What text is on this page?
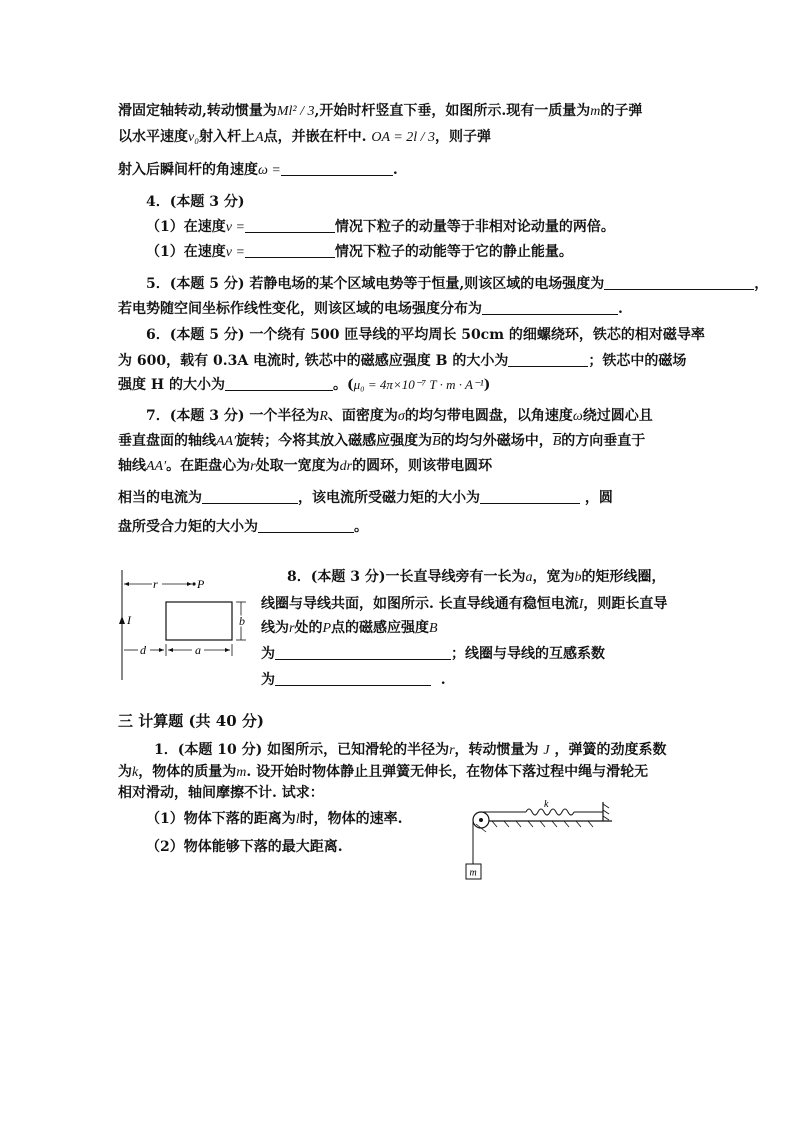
滑固定轴转动,转动惯量为Ml² / 3,开始时杆竖直下垂，如图所示.现有一质量为m的子弹
以水平速度v₀射入杆上A点，并嵌在杆中. OA = 2l / 3，则子弹
射入后瞬间杆的角速度ω =	.
4．(本题 3 分)
（1）在速度v =	情况下粒子的动量等于非相对论动量的两倍。
（1）在速度v =	情况下粒子的动能等于它的静止能量。
5．(本题 5 分) 若静电场的某个区域电势等于恒量,则该区域的电场强度为	，
若电势随空间坐标作线性变化，则该区域的电场强度分布为	.
6．(本题 5 分) 一个绕有 500 匝导线的平均周长 50cm 的细螺绕环，铁芯的相对磁导率
为 600，载有 0.3A 电流时, 铁芯中的磁感应强度 B 的大小为	；铁芯中的磁场
强度 H 的大小为	。(μ₀ = 4π×10⁻⁷ T · m · A⁻¹)
7．(本题 3 分) 一个半径为R、面密度为σ的均匀带电圆盘，以角速度ω绕过圆心且
垂直盘面的轴线AA′旋转；今将其放入磁感应强度为$\overline{B}$的均匀外磁场中，$\overline{B}$的方向垂直于
轴线AA′。在距盘心为r处取一宽度为dr的圆环，则该带电圆环
相当的电流为	，该电流所受磁力矩的大小为	，圆
盘所受合力矩的大小为	。
r	P
I	b
d	a
8．(本题 3 分)一长直导线旁有一长为a，宽为b的矩形线圈，
线圈与导线共面，如图所示. 长直导线通有稳恒电流I，则距长直导
线为r处的P点的磁感应强度B
为	；线圈与导线的互感系数
为	.
三 计算题 (共 40 分)
1．(本题 10 分) 如图所示，已知滑轮的半径为r，转动惯量为 J ，弹簧的劲度系数
为k，物体的质量为m. 设开始时物体静止且弹簧无伸长，在物体下落过程中绳与滑轮无
相对滑动，轴间摩擦不计. 试求：
（1）物体下落的距离为l时，物体的速率.
（2）物体能够下落的最大距离.
k
m
